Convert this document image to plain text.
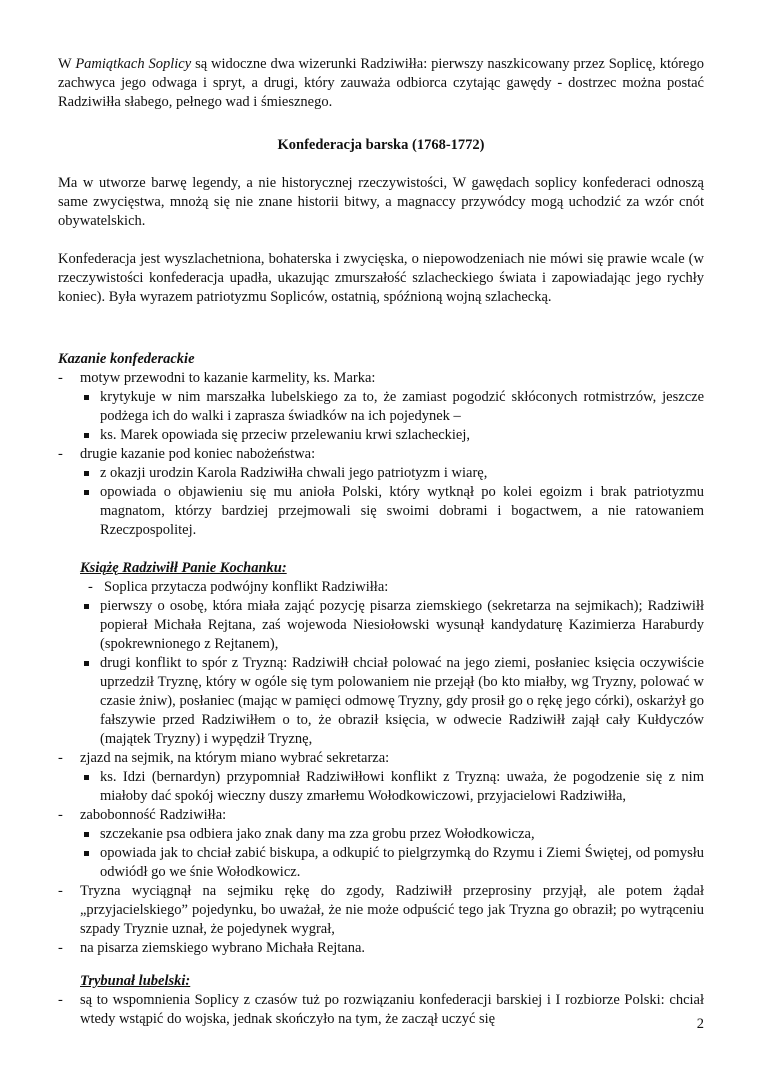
W Pamiątkach Soplicy są widoczne dwa wizerunki Radziwiłła: pierwszy naszkicowany przez Soplicę, którego zachwyca jego odwaga i spryt, a drugi, który zauważa odbiorca czytając gawędy - dostrzec można postać Radziwiłła słabego, pełnego wad i śmiesznego.

Konfederacja barska (1768-1772)

Ma w utworze barwę legendy, a nie historycznej rzeczywistości, W gawędach soplicy konfederaci odnoszą same zwycięstwa, mnożą się nie znane historii bitwy, a magnaccy przywódcy mogą uchodzić za wzór cnót obywatelskich.

Konfederacja jest wyszlachetniona, bohaterska i zwycięska, o niepowodzeniach nie mówi się prawie wcale (w rzeczywistości konfederacja upadła, ukazując zmurszałość szlacheckiego świata i zapowiadając jego rychły koniec). Była wyrazem patriotyzmu Sopliców, ostatnią, spóźnioną wojną szlachecką.

Kazanie konfederackie

- motyw przewodni to kazanie karmelity, ks. Marka:
krytykuje w nim marszałka lubelskiego za to, że zamiast pogodzić skłóconych rotmistrzów, jeszcze podżega ich do walki i zaprasza świadków na ich pojedynek –
ks. Marek opowiada się przeciw przelewaniu krwi szlacheckiej,
- drugie kazanie pod koniec nabożeństwa:
z okazji urodzin Karola Radziwiłła chwali jego patriotyzm i wiarę,
opowiada o objawieniu się mu anioła Polski, który wytknął po kolei egoizm i brak patriotyzmu magnatom, którzy bardziej przejmowali się swoimi dobrami i bogactwem, a nie ratowaniem Rzeczpospolitej.

Książę Radziwiłł Panie Kochanku:

- Soplica przytacza podwójny konflikt Radziwiłła:

pierwszy o osobę, która miała zająć pozycję pisarza ziemskiego (sekretarza na sejmikach); Radziwiłł popierał Michała Rejtana, zaś wojewoda Niesiołowski wysunął kandydaturę Kazimierza Haraburdy (spokrewnionego z Rejtanem),
drugi konflikt to spór z Tryzną: Radziwiłł chciał polować na jego ziemi, posłaniec księcia oczywiście uprzedził Tryznę, który w ogóle się tym polowaniem nie przejął (bo kto miałby, wg Tryzny, polować w czasie żniw), posłaniec (mając w pamięci odmowę Tryzny, gdy prosił go o rękę jego córki), oskarżył go fałszywie przed Radziwiłłem o to, że obraził księcia, w odwecie Radziwiłł zajął cały Kułdyczów (majątek Tryzny) i wypędził Tryznę,
- zjazd na sejmik, na którym miano wybrać sekretarza:
ks. Idzi (bernardyn) przypomniał Radziwiłłowi konflikt z Tryzną: uważa, że pogodzenie się z nim miałoby dać spokój wieczny duszy zmarłemu Wołodkowiczowi, przyjacielowi Radziwiłła,
- zabobonność Radziwiłła:
szczekanie psa odbiera jako znak dany ma zza grobu przez Wołodkowicza,
opowiada jak to chciał zabić biskupa, a odkupić to pielgrzymką do Rzymu i Ziemi Świętej, od pomysłu odwiódł go we śnie Wołodkowicz.
- Tryzna wyciągnął na sejmiku rękę do zgody, Radziwiłł przeprosiny przyjął, ale potem żądał „przyjacielskiego” pojedynku, bo uważał, że nie może odpuścić tego jak Tryzna go obraził; po wytrąceniu szpady Tryznie uznał, że pojedynek wygrał,
- na pisarza ziemskiego wybrano Michała Rejtana.

Trybunał lubelski:

- są to wspomnienia Soplicy z czasów tuż po rozwiązaniu konfederacji barskiej i I rozbiorze Polski: chciał wtedy wstąpić do wojska, jednak skończyło na tym, że zaczął uczyć się	2
